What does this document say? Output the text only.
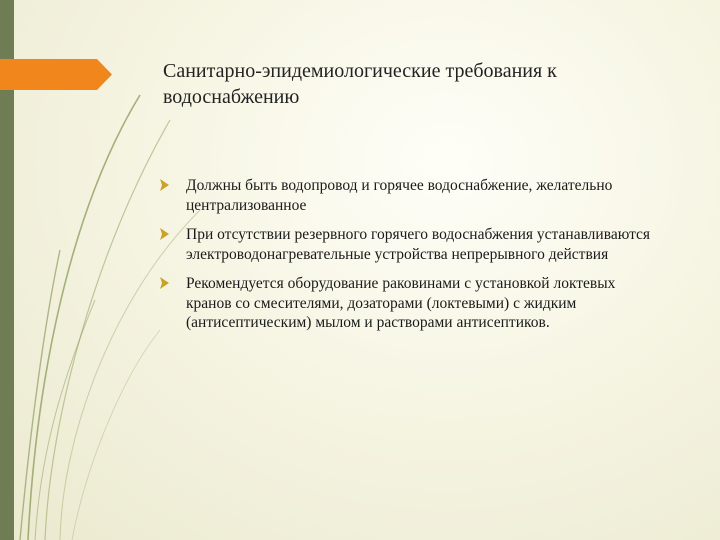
Санитарно-эпидемиологические требования к водоснабжению
Должны быть водопровод и горячее водоснабжение, желательно централизованное
При отсутствии резервного горячего водоснабжения устанавливаются электроводонагревательные устройства непрерывного действия
Рекомендуется оборудование раковинами с установкой локтевых кранов со смесителями, дозаторами (локтевыми) с жидким (антисептическим) мылом и растворами антисептиков.
